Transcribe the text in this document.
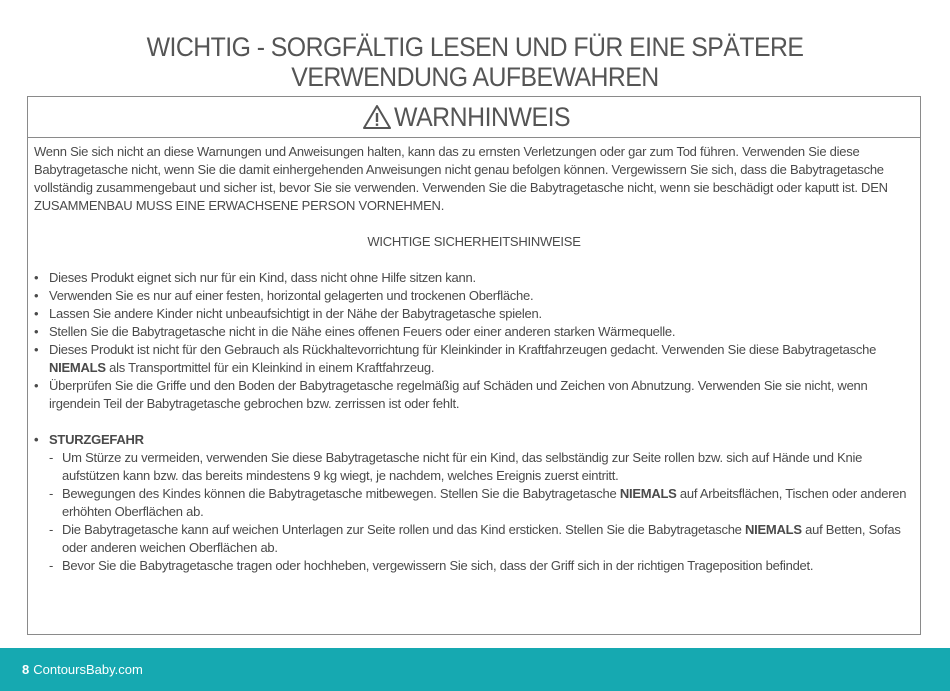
WICHTIG - SORGFÄLTIG LESEN UND FÜR EINE SPÄTERE
VERWENDUNG AUFBEWAHREN
WARNHINWEIS

Wenn Sie sich nicht an diese Warnungen und Anweisungen halten, kann das zu ernsten Verletzungen oder gar zum Tod führen. Verwenden Sie diese Babytragetasche nicht, wenn Sie die damit einhergehenden Anweisungen nicht genau befolgen können. Vergewissern Sie sich, dass die Babytragetasche vollständig zusammengebaut und sicher ist, bevor Sie sie verwenden. Verwenden Sie die Babytragetasche nicht, wenn sie beschädigt oder kaputt ist. DEN ZUSAMMENBAU MUSS EINE ERWACHSENE PERSON VORNEHMEN.

WICHTIGE SICHERHEITSHINWEISE

• Dieses Produkt eignet sich nur für ein Kind, dass nicht ohne Hilfe sitzen kann.
• Verwenden Sie es nur auf einer festen, horizontal gelagerten und trockenen Oberfläche.
• Lassen Sie andere Kinder nicht unbeaufsichtigt in der Nähe der Babytragetasche spielen.
• Stellen Sie die Babytragetasche nicht in die Nähe eines offenen Feuers oder einer anderen starken Wärmequelle.
• Dieses Produkt ist nicht für den Gebrauch als Rückhaltevorrichtung für Kleinkinder in Kraftfahrzeugen gedacht. Verwenden Sie diese Babytragetasche NIEMALS als Transportmittel für ein Kleinkind in einem Kraftfahrzeug.
• Überprüfen Sie die Griffe und den Boden der Babytragetasche regelmäßig auf Schäden und Zeichen von Abnutzung. Verwenden Sie sie nicht, wenn irgendein Teil der Babytragetasche gebrochen bzw. zerrissen ist oder fehlt.

• STURZGEFAHR

- Um Stürze zu vermeiden, verwenden Sie diese Babytragetasche nicht für ein Kind, das selbständig zur Seite rollen bzw. sich auf Hände und Knie aufstützen kann bzw. das bereits mindestens 9 kg wiegt, je nachdem, welches Ereignis zuerst eintritt.
- Bewegungen des Kindes können die Babytragetasche mitbewegen. Stellen Sie die Babytragetasche NIEMALS auf Arbeitsflächen, Tischen oder anderen erhöhten Oberflächen ab.
- Die Babytragetasche kann auf weichen Unterlagen zur Seite rollen und das Kind ersticken. Stellen Sie die Babytragetasche NIEMALS auf Betten, Sofas oder anderen weichen Oberflächen ab.
- Bevor Sie die Babytragetasche tragen oder hochheben, vergewissern Sie sich, dass der Griff sich in der richtigen Trageposition befindet.
8 ContoursBaby.com
